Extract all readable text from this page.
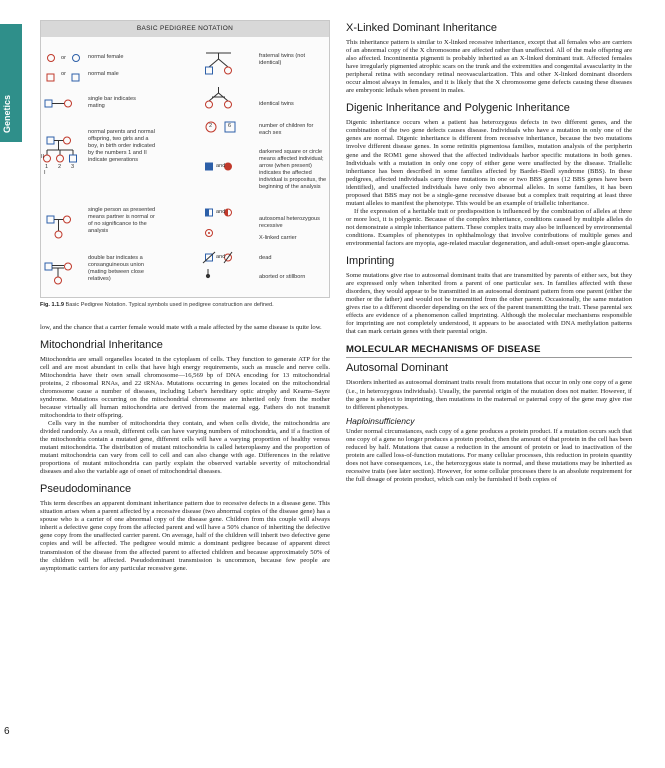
Genetics
6
BASIC PEDIGREE NOTATION
or
or
I
II
1 2 3
2	6
and
and
and
normal female
normal male
single bar indicates mating
normal parents and normal offspring, two girls and a boy, in birth order indicated by the numbers 1 and II indicate generations
single person as presented means partner is normal or of no significance to the analysis
double bar indicates a consanguineous union (mating between close relatives)
fraternal twins (not identical)
identical twins
number of children for each sex
darkened square or circle means affected individual; arrow (when present) indicates the affected individual is propositus, the beginning of the analysis
autosomal heterozygous recessive
X-linked carrier
dead
aborted or stillborn
Fig. 1.1.9 Basic Pedigree Notation. Typical symbols used in pedigree construction are defined.

low, and the chance that a carrier female would mate with a male affected by the same disease is quite low.

Mitochondrial Inheritance

Mitochondria are small organelles located in the cytoplasm of cells. They function to generate ATP for the cell and are most abundant in cells that have high energy requirements, such as muscle and nerve cells. Mitochondria have their own small chromosome—16,569 bp of DNA encoding for 13 mitochondrial proteins, 2 ribosomal RNAs, and 22 tRNAs. Mutations occurring in genes located on the mitochondrial chromosome cause a number of diseases, including Leber's hereditary optic atrophy and Kearns–Sayre syndrome. Mutations occurring on the mitochondrial chromosome are inherited only from the mother because virtually all human mitochondria are derived from the maternal egg. Fathers do not transmit mitochondria to their offspring.

Cells vary in the number of mitochondria they contain, and when cells divide, the mitochondria are divided randomly. As a result, different cells can have varying numbers of mitochondria, and if a fraction of the mitochondria contain a mutated gene, different cells will have a varying proportion of healthy versus mutant mitochondria. The distribution of mutant mitochondria is called heteroplasmy and the proportion of mutant mitochondria can vary from cell to cell and can also change with age. Differences in the relative proportions of mutant mitochondria can partly explain the observed variable severity of mitochondrial diseases and also the variable age of onset of mitochondrial diseases.

Pseudodominance

This term describes an apparent dominant inheritance pattern due to recessive defects in a disease gene. This situation arises when a parent affected by a recessive disease (two abnormal copies of the disease gene) has a spouse who is a carrier of one abnormal copy of the disease gene. Children from this couple will always inherit a defective gene copy from the affected parent and will have a 50% chance of inheriting the defective gene copy from the unaffected carrier parent. On average, half of the children will inherit two defective gene copies and will be affected. The pedigree would mimic a dominant pedigree because of apparent direct transmission of the disease from the affected parent to affected children and because approximately 50% of the children will be affected. Pseudodominant transmission is uncommon, because few people are asymptomatic carriers for any particular recessive gene.

X-Linked Dominant Inheritance

This inheritance pattern is similar to X-linked recessive inheritance, except that all females who are carriers of an abnormal copy of the X chromosome are affected rather than unaffected. All of the male offspring are also affected. Incontinentia pigmenti is probably inherited as an X-linked dominant trait. Affected females have irregularly pigmented atrophic scars on the trunk and the extremities and congenital avascularity in the peripheral retina with secondary retinal neovascularization. This and other X-linked dominant disorders occur almost always in females, and it is likely that the X chromosome gene defects causing these diseases are embryonic lethals when present in males.

Digenic Inheritance and Polygenic Inheritance

Digenic inheritance occurs when a patient has heterozygous defects in two different genes, and the combination of the two gene defects causes disease. Individuals who have a mutation in only one of the genes are normal. Digenic inheritance is different from recessive inheritance, because the two mutations involve different disease genes. In some retinitis pigmentosa families, mutation analysis of the peripherin gene and the ROM1 gene showed that the affected individuals harbor specific mutations in both genes. Individuals with a mutation in only one copy of either gene were unaffected by the disease. Triallelic inheritance has been described in some families affected by Bardet–Biedl syndrome (BBS). In these pedigrees, affected individuals carry three mutations in one or two BBS genes (12 BBS genes have been identified), and unaffected individuals have only two abnormal alleles. In some families, it has been proposed that BBS may not be a single-gene recessive disease but a complex trait requiring at least three mutant alleles to manifest the phenotype. This would be an example of triallelic inheritance.

If the expression of a heritable trait or predisposition is influenced by the combination of alleles at three or more loci, it is polygenic. Because of the complex inheritance, conditions caused by multiple alleles do not demonstrate a simple inheritance pattern. These complex traits may also be influenced by environmental conditions. Examples of phenotypes in ophthalmology that involve contributions of multiple genes and environmental factors are myopia, age-related macular degeneration, and adult-onset open-angle glaucoma.

Imprinting

Some mutations give rise to autosomal dominant traits that are transmitted by parents of either sex, but they are expressed only when inherited from a parent of one particular sex. In families affected with these disorders, they would appear to be transmitted in an autosomal dominant pattern from one parent (either the mother or the father) and would not be transmitted from the other parent. Occasionally, the same mutation gives rise to a different disorder depending on the sex of the parent transmitting the trait. These parental sex effects are evidence of a phenomenon called imprinting. Although the molecular mechanisms responsible for imprinting are not completely understood, it appears to be associated with DNA methylation patterns that can mark certain genes with their parental origin.

MOLECULAR MECHANISMS OF DISEASE
Autosomal Dominant

Disorders inherited as autosomal dominant traits result from mutations that occur in only one copy of a gene (i.e., in heterozygous individuals). Usually, the parental origin of the mutation does not matter. However, if the gene is subject to imprinting, then mutations in the maternal or paternal copy of the gene may give rise to different phenotypes.

Haploinsufficiency

Under normal circumstances, each copy of a gene produces a protein product. If a mutation occurs such that one copy of a gene no longer produces a protein product, then the amount of that protein in the cell has been reduced by half. Mutations that cause a reduction in the amount of protein or lead to inactivation of the protein are called loss-of-function mutations. For many cellular processes, this reduction in protein quantity does not have consequences, i.e., the heterozygous state is normal, and these mutations may be inherited as recessive traits (see later section). However, for some cellular processes there is an absolute requirement for the full dosage of protein product, which can only be furnished if both copies of
